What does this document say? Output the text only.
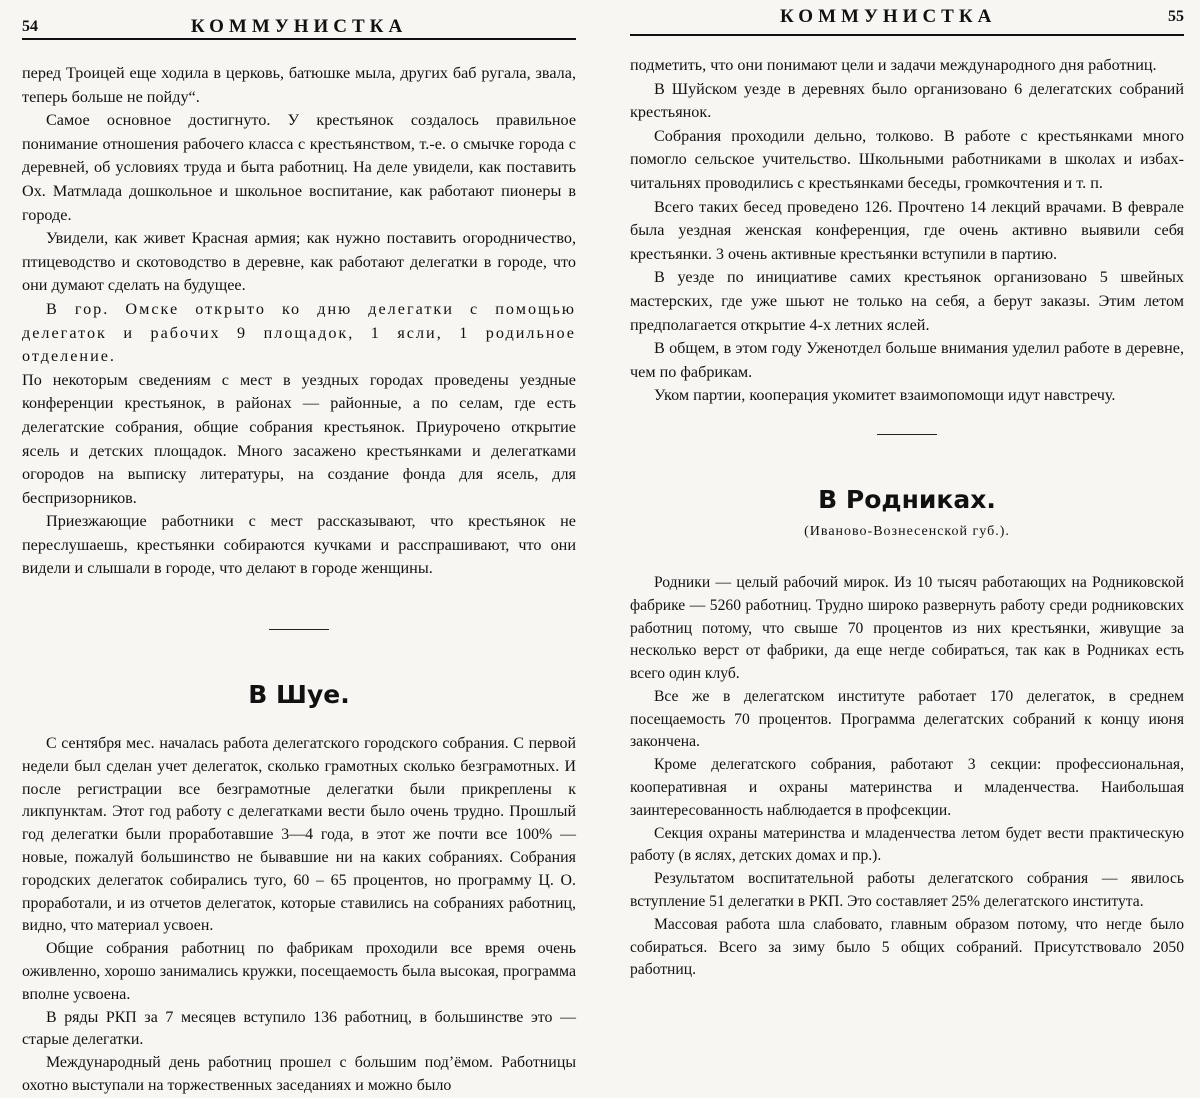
54	КОММУНИСТКА

перед Троицей еще ходила в церковь, батюшке мыла, других баб ругала, звала, теперь больше не пойду“.

Самое основное достигнуто. У крестьянок создалось правильное понимание отношения рабочего класса с крестьянством, т.-е. о смычке города с деревней, об условиях труда и быта работниц. На деле увидели, как поставить Ох. Матмлада дошкольное и школьное воспитание, как работают пионеры в городе.

Увидели, как живет Красная армия; как нужно поставить огородничество, птицеводство и скотоводство в деревне, как работают делегатки в городе, что они думают сделать на будущее.

В гор. Омске открыто ко дню делегатки с помощью делегаток и рабочих 9 площадок, 1 ясли, 1 родильное отделение.

По некоторым сведениям с мест в уездных городах проведены уездные конференции крестьянок, в районах — районные, а по селам, где есть делегатские собрания, общие собрания крестьянок. Приурочено открытие ясель и детских площадок. Много засажено крестьянками и делегатками огородов на выписку литературы, на создание фонда для ясель, для беспризорников.

Приезжающие работники с мест рассказывают, что крестьянок не переслушаешь, крестьянки собираются кучками и расспрашивают, что они видели и слышали в городе, что делают в городе женщины.

В Шуе.

С сентября мес. началась работа делегатского городского собрания. С первой недели был сделан учет делегаток, сколько грамотных сколько безграмотных. И после регистрации все безграмотные делегатки были прикреплены к ликпунктам. Этот год работу с делегатками вести было очень трудно. Прошлый год делегатки были проработавшие 3—4 года, в этот же почти все 100% — новые, пожалуй большинство не бывавшие ни на каких собраниях. Собрания городских делегаток собирались туго, 60 – 65 процентов, но программу Ц. О. проработали, и из отчетов делегаток, которые ставились на собраниях работниц, видно, что материал усвоен.

Общие собрания работниц по фабрикам проходили все время очень оживленно, хорошо занимались кружки, посещаемость была высокая, программа вполне усвоена.

В ряды РКП за 7 месяцев вступило 136 работниц, в большинстве это — старые делегатки.

Международный день работниц прошел с большим под’ёмом. Работницы охотно выступали на торжественных заседаниях и можно было

КОММУНИСТКА	55

подметить, что они понимают цели и задачи международного дня работниц.

В Шуйском уезде в деревнях было организовано 6 делегатских собраний крестьянок.

Собрания проходили дельно, толково. В работе с крестьянками много помогло сельское учительство. Школьными работниками в школах и избах-читальнях проводились с крестьянками беседы, громкочтения и т. п.

Всего таких бесед проведено 126. Прочтено 14 лекций врачами. В феврале была уездная женская конференция, где очень активно выявили себя крестьянки. 3 очень активные крестьянки вступили в партию.

В уезде по инициативе самих крестьянок организовано 5 швейных мастерских, где уже шьют не только на себя, а берут заказы. Этим летом предполагается открытие 4-х летних яслей.

В общем, в этом году Уженотдел больше внимания уделил работе в деревне, чем по фабрикам.

Уком партии, кооперация укомитет взаимопомощи идут навстречу.

В Родниках.
(Иваново-Вознесенской губ.).

Родники — целый рабочий мирок. Из 10 тысяч работающих на Родниковской фабрике — 5260 работниц. Трудно широко развернуть работу среди родниковских работниц потому, что свыше 70 процентов из них крестьянки, живущие за несколько верст от фабрики, да еще негде собираться, так как в Родниках есть всего один клуб.

Все же в делегатском институте работает 170 делегаток, в среднем посещаемость 70 процентов. Программа делегатских собраний к концу июня закончена.

Кроме делегатского собрания, работают 3 секции: профессиональная, кооперативная и охраны материнства и младенчества. Наибольшая заинтересованность наблюдается в профсекции.

Секция охраны материнства и младенчества летом будет вести практическую работу (в яслях, детских домах и пр.).

Результатом воспитательной работы делегатского собрания — явилось вступление 51 делегатки в РКП. Это составляет 25% делегатского института.

Массовая работа шла слабовато, главным образом потому, что негде было собираться. Всего за зиму было 5 общих собраний. Присутствовало 2050 работниц.
